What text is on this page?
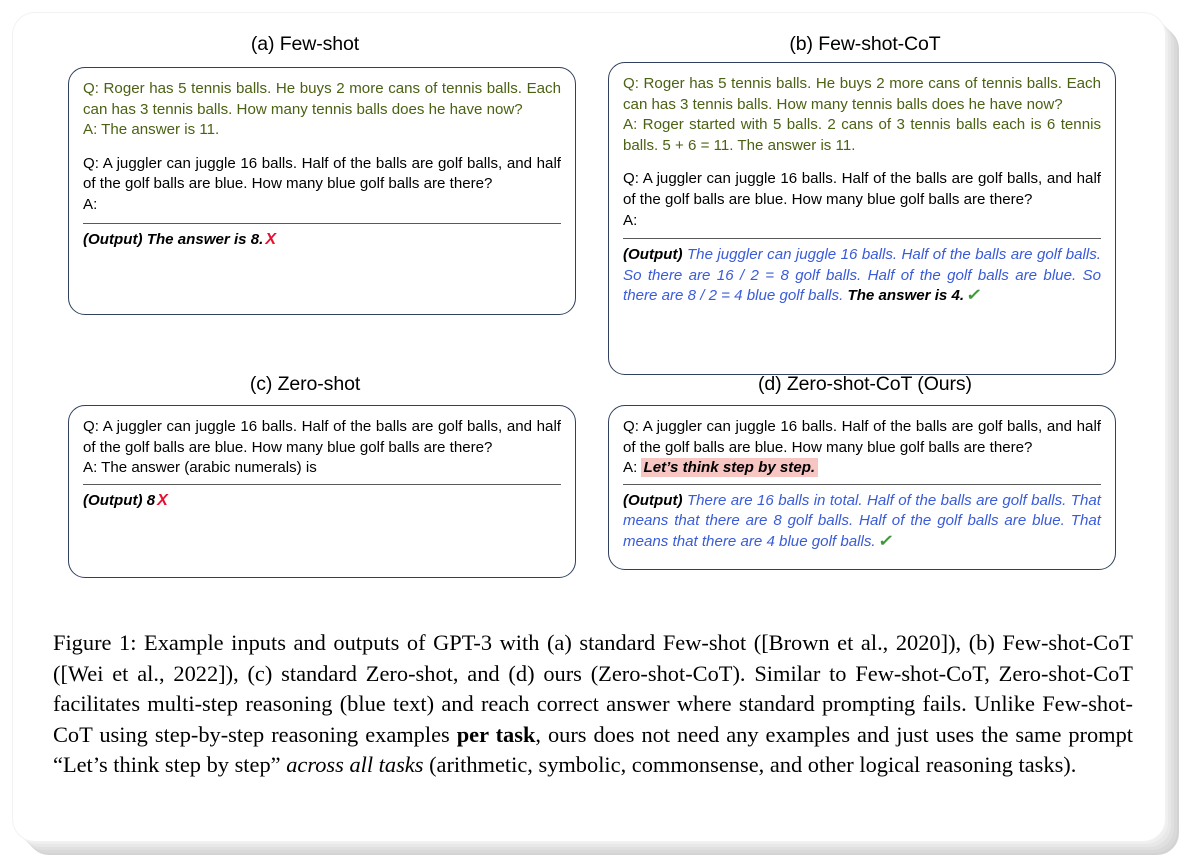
(a) Few-shot

Q: Roger has 5 tennis balls. He buys 2 more cans of tennis balls. Each can has 3 tennis balls. How many tennis balls does he have now?

A: The answer is 11.

Q: A juggler can juggle 16 balls. Half of the balls are golf balls, and half of the golf balls are blue. How many blue golf balls are there?

A:

(Output) The answer is 8. X

(b) Few-shot-CoT

Q: Roger has 5 tennis balls. He buys 2 more cans of tennis balls. Each can has 3 tennis balls. How many tennis balls does he have now?

A: Roger started with 5 balls. 2 cans of 3 tennis balls each is 6 tennis balls. 5 + 6 = 11. The answer is 11.

Q: A juggler can juggle 16 balls. Half of the balls are golf balls, and half of the golf balls are blue. How many blue golf balls are there?

A:

(Output) The juggler can juggle 16 balls. Half of the balls are golf balls. So there are 16 / 2 = 8 golf balls. Half of the golf balls are blue. So there are 8 / 2 = 4 blue golf balls. The answer is 4.✓

(c) Zero-shot

Q: A juggler can juggle 16 balls. Half of the balls are golf balls, and half of the golf balls are blue. How many blue golf balls are there?

A: The answer (arabic numerals) is

(Output) 8 X

(d) Zero-shot-CoT (Ours)

Q: A juggler can juggle 16 balls. Half of the balls are golf balls, and half of the golf balls are blue. How many blue golf balls are there?

A: Let’s think step by step.

(Output) There are 16 balls in total. Half of the balls are golf balls. That means that there are 8 golf balls. Half of the golf balls are blue. That means that there are 4 blue golf balls.✓

Figure 1: Example inputs and outputs of GPT-3 with (a) standard Few-shot ([Brown et al., 2020]), (b) Few-shot-CoT ([Wei et al., 2022]), (c) standard Zero-shot, and (d) ours (Zero-shot-CoT). Similar to Few-shot-CoT, Zero-shot-CoT facilitates multi-step reasoning (blue text) and reach correct answer where standard prompting fails. Unlike Few-shot-CoT using step-by-step reasoning examples per task, ours does not need any examples and just uses the same prompt “Let’s think step by step” across all tasks (arithmetic, symbolic, commonsense, and other logical reasoning tasks).
